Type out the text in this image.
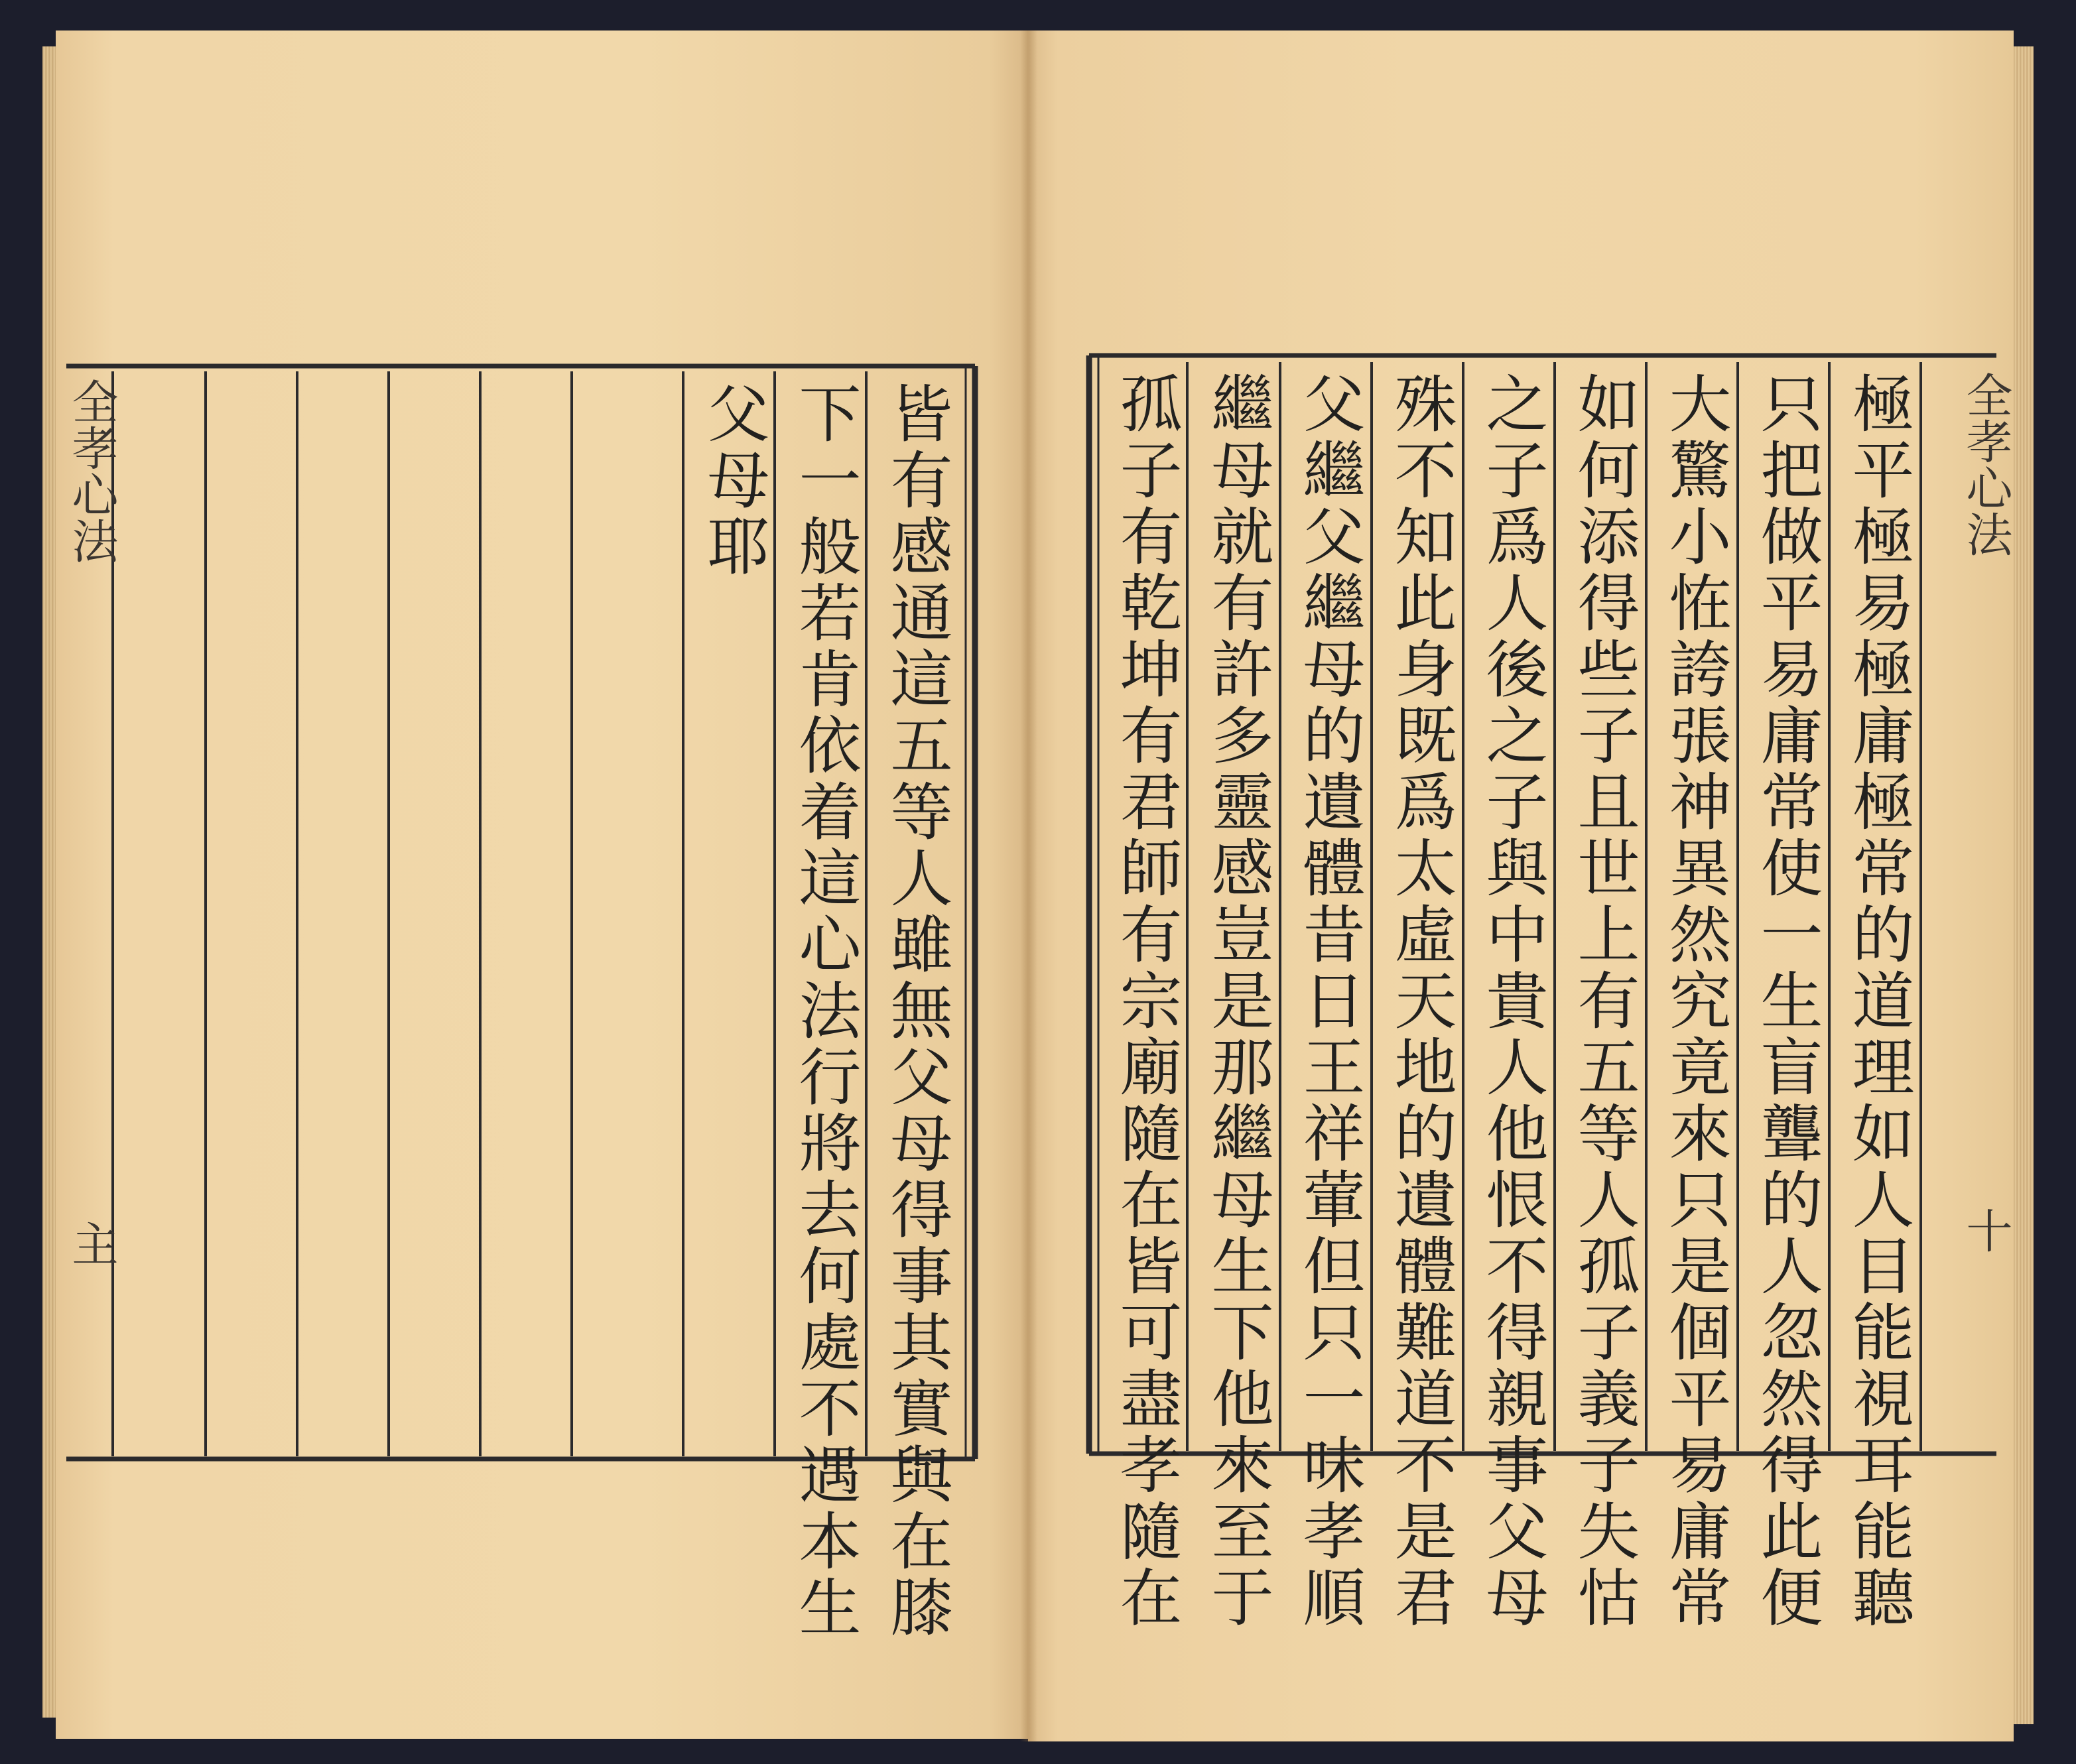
皆有感通這五等人雖無父母得事其實與在膝
下一般若肯依着這心法行將去何處不遇本生
父母耶
全孝心法
主	極平極易極庸極常的道理如人目能視耳能聽
只把做平易庸常使一生盲聾的人忽然得此便
大驚小恠誇張神異然究竟來只是個平易庸常
如何添得些子且世上有五等人孤子義子失怙
之子爲人後之子與中貴人他恨不得親事父母
殊不知此身既爲太虛天地的遺體難道不是君
父繼父繼母的遺體昔日王祥葷但只一味孝順
繼母就有許多靈感豈是那繼母生下他來至于
孤子有乾坤有君師有宗廟隨在皆可盡孝隨在	全孝心法
十
